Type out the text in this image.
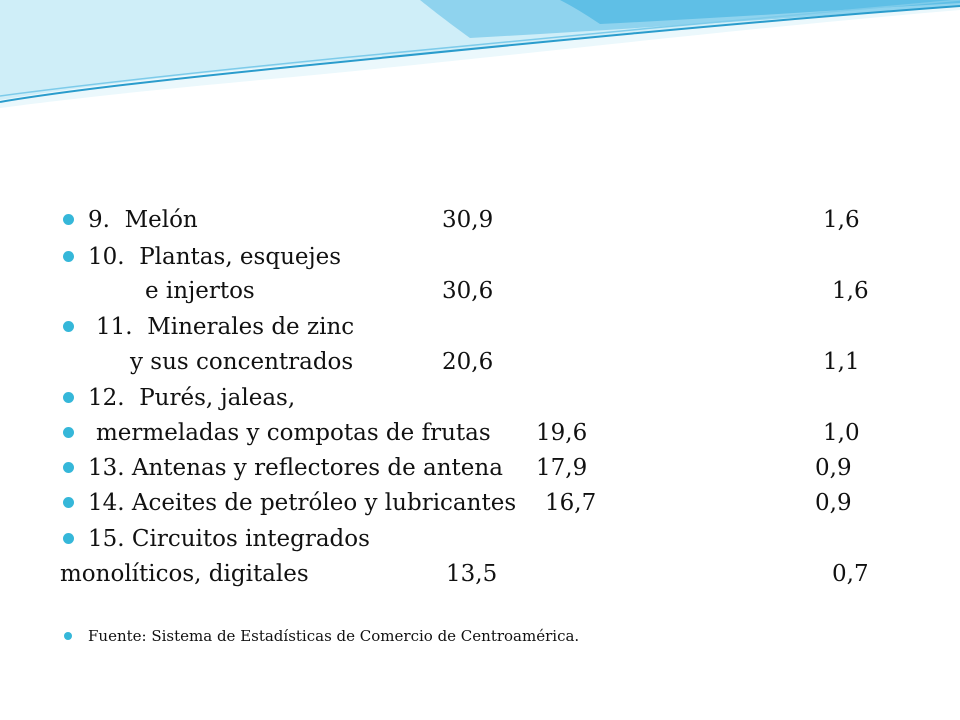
9.  Melón	30,9	1,6
10.  Plantas, esquejes
e injertos	30,6	1,6
11.  Minerales de zinc
y sus concentrados	20,6	1,1
12.  Purés, jaleas,
mermeladas y compotas de frutas 19,6	1,0
13. Antenas y reflectores de antena 17,9	0,9
14. Aceites de petróleo y lubricantes 16,7	0,9
15. Circuitos integrados
monolíticos, digitales	13,5	0,7
Fuente: Sistema de Estadísticas de Comercio de Centroamérica.
